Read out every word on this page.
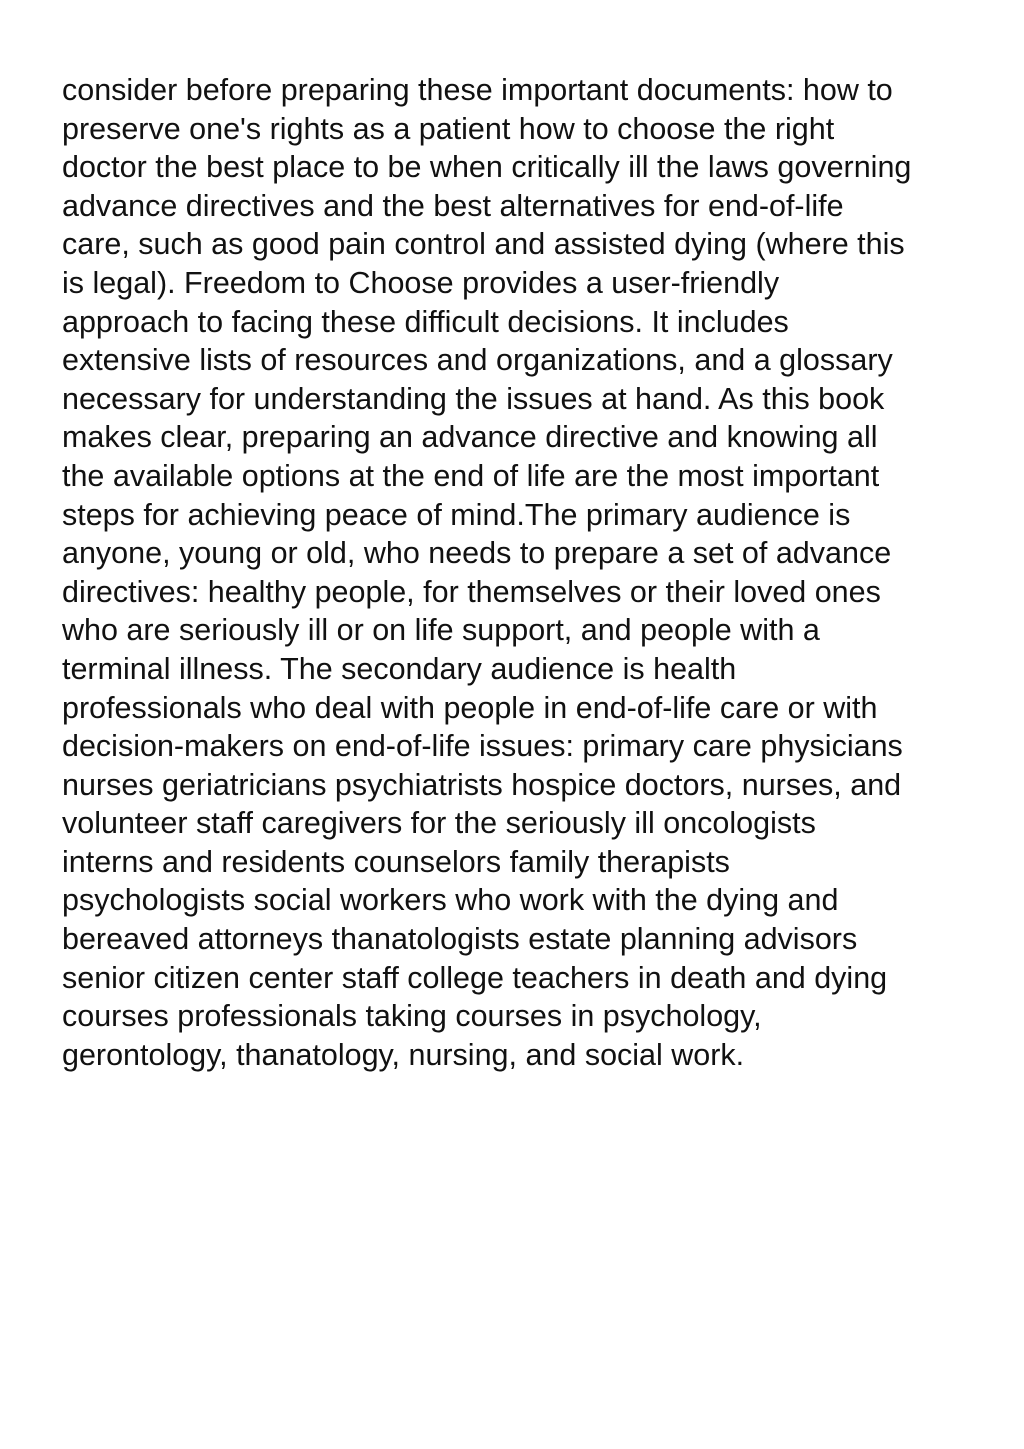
consider before preparing these important documents: how to
preserve one's rights as a patient how to choose the right
doctor the best place to be when critically ill the laws governing
advance directives and the best alternatives for end-of-life
care, such as good pain control and assisted dying (where this
is legal). Freedom to Choose provides a user-friendly
approach to facing these difficult decisions. It includes
extensive lists of resources and organizations, and a glossary
necessary for understanding the issues at hand. As this book
makes clear, preparing an advance directive and knowing all
the available options at the end of life are the most important
steps for achieving peace of mind.The primary audience is
anyone, young or old, who needs to prepare a set of advance
directives: healthy people, for themselves or their loved ones
who are seriously ill or on life support, and people with a
terminal illness. The secondary audience is health
professionals who deal with people in end-of-life care or with
decision-makers on end-of-life issues: primary care physicians
nurses geriatricians psychiatrists hospice doctors, nurses, and
volunteer staff caregivers for the seriously ill oncologists
interns and residents counselors family therapists
psychologists social workers who work with the dying and
bereaved attorneys thanatologists estate planning advisors
senior citizen center staff college teachers in death and dying
courses professionals taking courses in psychology,
gerontology, thanatology, nursing, and social work.
